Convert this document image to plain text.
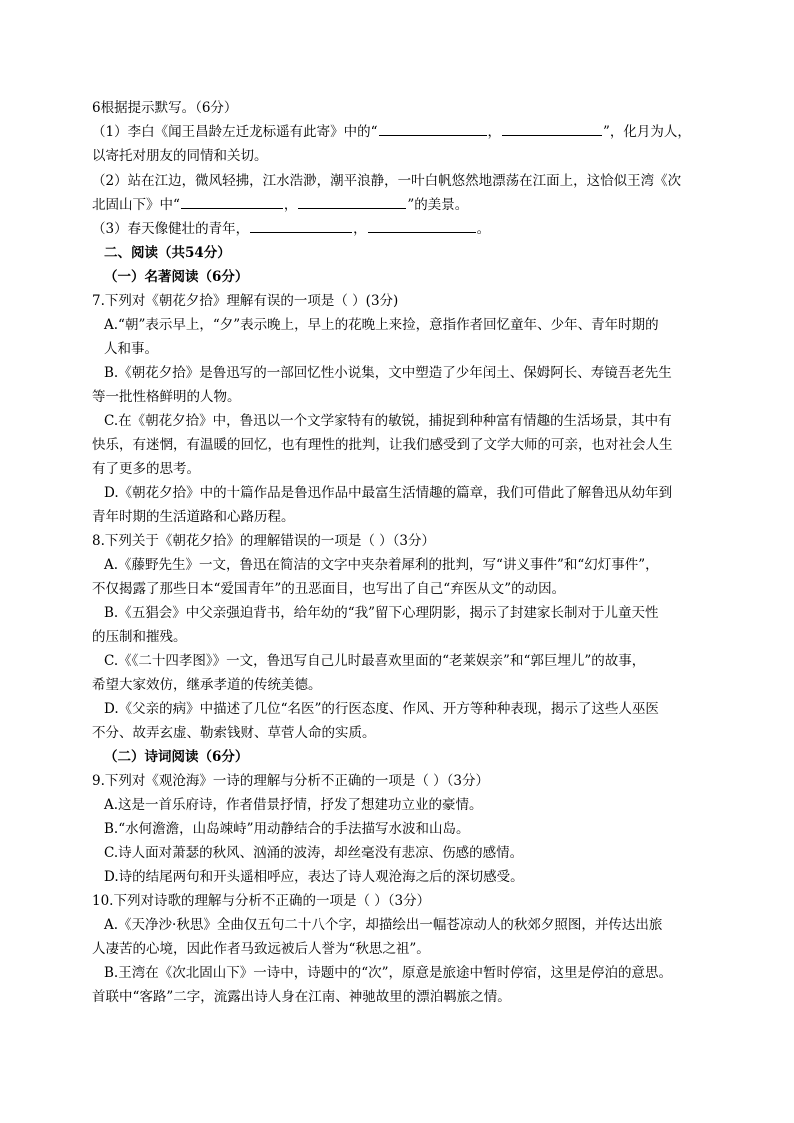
6根据提示默写。（6分）
（1）李白《闻王昌龄左迁龙标遥有此寄》中的“	，	”，化月为人，
以寄托对朋友的同情和关切。
（2）站在江边，微风轻拂，江水浩渺，潮平浪静，一叶白帆悠然地漂荡在江面上，这恰似王湾《次
北固山下》中“	，	”的美景。
（3）春天像健壮的青年，	，	。
二、阅读（共54分）
（一）名著阅读（6分）
7.下列对《朝花夕拾》理解有误的一项是（ ）(3分)
A.“朝”表示早上，“夕”表示晚上，早上的花晚上来捡，意指作者回忆童年、少年、青年时期的
人和事。
B.《朝花夕拾》是鲁迅写的一部回忆性小说集，文中塑造了少年闰土、保姆阿长、寿镜吾老先生
等一批性格鲜明的人物。
C.在《朝花夕拾》中，鲁迅以一个文学家特有的敏锐，捕捉到种种富有情趣的生活场景，其中有
快乐，有迷惘，有温暖的回忆，也有理性的批判，让我们感受到了文学大师的可亲，也对社会人生
有了更多的思考。
D.《朝花夕拾》中的十篇作品是鲁迅作品中最富生活情趣的篇章，我们可借此了解鲁迅从幼年到
青年时期的生活道路和心路历程。
8.下列关于《朝花夕拾》的理解错误的一项是（ ）（3分）
A.《藤野先生》一文，鲁迅在简洁的文字中夹杂着犀利的批判，写“讲义事件”和“幻灯事件”，
不仅揭露了那些日本“爱国青年”的丑恶面目，也写出了自己“弃医从文”的动因。
B.《五猖会》中父亲强迫背书，给年幼的“我”留下心理阴影，揭示了封建家长制对于儿童天性
的压制和摧残。
C.《《二十四孝图》》一文，鲁迅写自己儿时最喜欢里面的“老莱娱亲”和“郭巨埋儿”的故事，
希望大家效仿，继承孝道的传统美德。
D.《父亲的病》中描述了几位“名医”的行医态度、作风、开方等种种表现，揭示了这些人巫医
不分、故弄玄虚、勒索钱财、草菅人命的实质。
（二）诗词阅读（6分）
9.下列对《观沧海》一诗的理解与分析不正确的一项是（ ）（3分）
A.这是一首乐府诗，作者借景抒情，抒发了想建功立业的豪情。
B.“水何澹澹，山岛竦峙”用动静结合的手法描写水波和山岛。
C.诗人面对萧瑟的秋风、汹涌的波涛，却丝毫没有悲凉、伤感的感情。
D.诗的结尾两句和开头遥相呼应，表达了诗人观沧海之后的深切感受。
10.下列对诗歌的理解与分析不正确的一项是（ ）（3分）
A.《天净沙·秋思》全曲仅五句二十八个字，却描绘出一幅苍凉动人的秋郊夕照图，并传达出旅
人凄苦的心境，因此作者马致远被后人誉为“秋思之祖”。
B.王湾在《次北固山下》一诗中，诗题中的“次”，原意是旅途中暂时停宿，这里是停泊的意思。
首联中“客路”二字，流露出诗人身在江南、神驰故里的漂泊羁旅之情。
